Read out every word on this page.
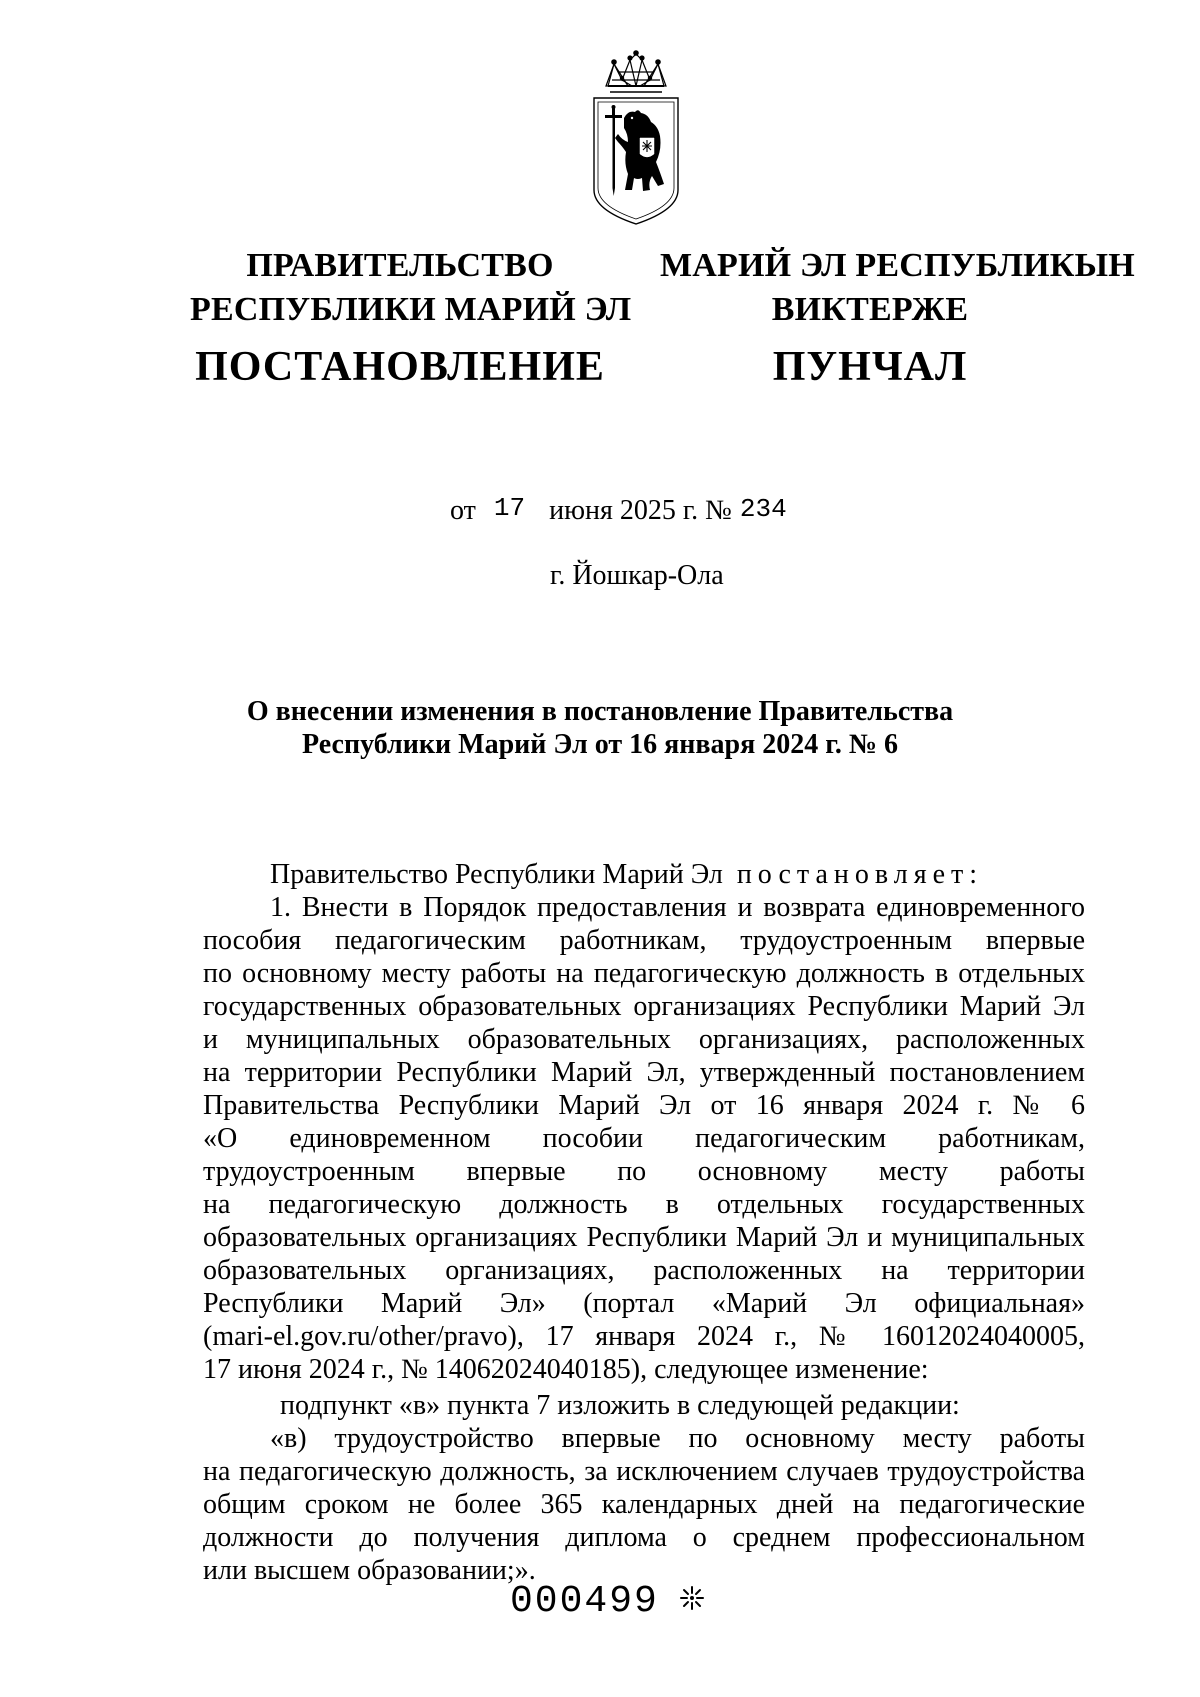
ПРАВИТЕЛЬСТВО
РЕСПУБЛИКИ МАРИЙ ЭЛ
ПОСТАНОВЛЕНИЕ
МАРИЙ ЭЛ РЕСПУБЛИКЫН
ВИКТЕРЖЕ
ПУНЧАЛ
от 17 июня 2025 г. № 234
г. Йошкар-Ола
О внесении изменения в постановление Правительства
Республики Марий Эл от 16 января 2024 г. № 6
Правительство Республики Марий Эл постановляет:
1. Внести в Порядок предоставления и возврата единовременного
пособия педагогическим работникам, трудоустроенным впервые
по основному месту работы на педагогическую должность в отдельных
государственных образовательных организациях Республики Марий Эл
и муниципальных образовательных организациях, расположенных
на территории Республики Марий Эл, утвержденный постановлением
Правительства Республики Марий Эл от 16 января 2024 г. № 6
«О единовременном пособии педагогическим работникам,
трудоустроенным впервые по основному месту работы
на педагогическую должность в отдельных государственных
образовательных организациях Республики Марий Эл и муниципальных
образовательных организациях, расположенных на территории
Республики Марий Эл» (портал «Марий Эл официальная»
(mari-el.gov.ru/other/pravo), 17 января 2024 г., № 16012024040005,
17 июня 2024 г., № 14062024040185), следующее изменение:
подпункт «в» пункта 7 изложить в следующей редакции:
«в) трудоустройство впервые по основному месту работы
на педагогическую должность, за исключением случаев трудоустройства
общим сроком не более 365 календарных дней на педагогические
должности до получения диплома о среднем профессиональном
или высшем образовании;».
000499
